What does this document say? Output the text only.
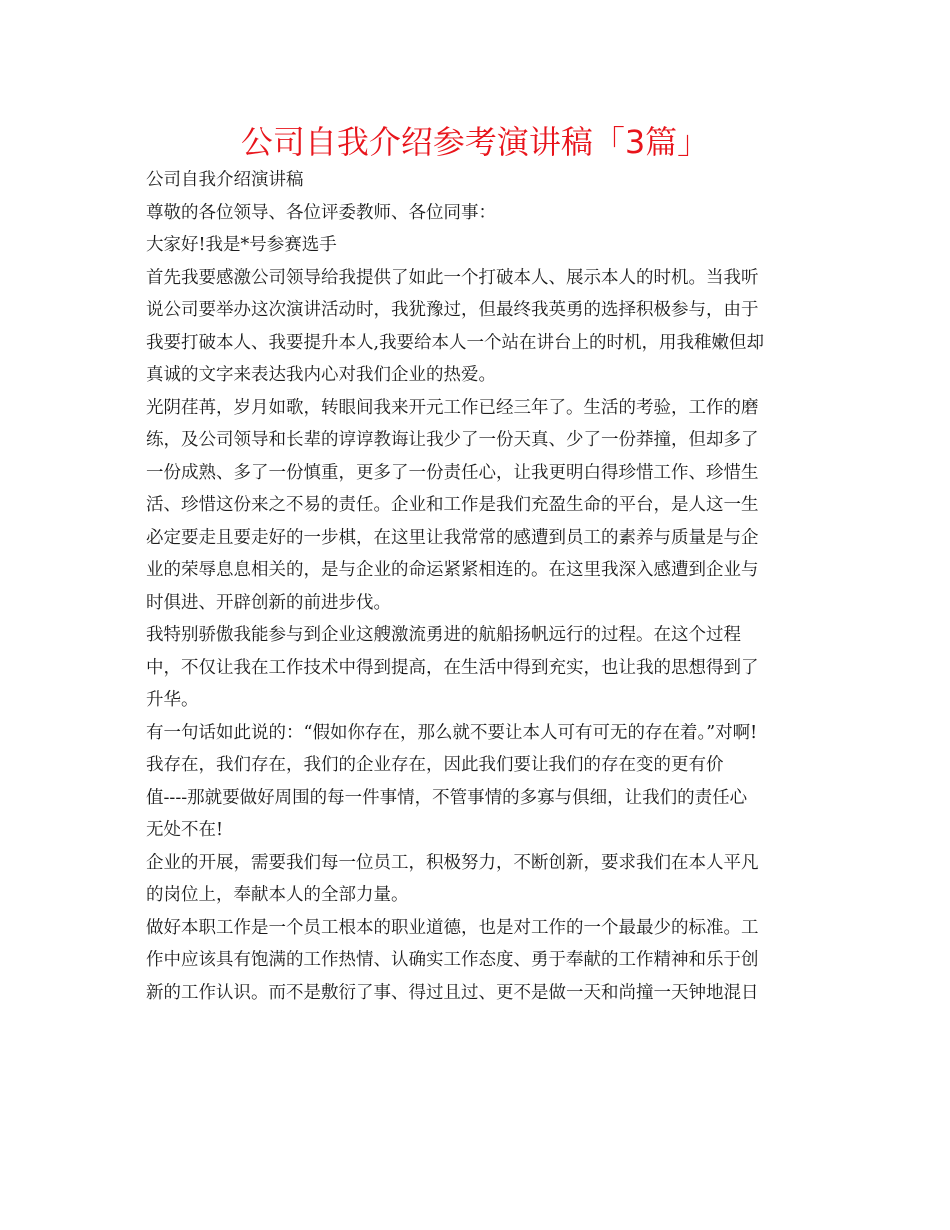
公司自我介绍参考演讲稿「3篇」
公司自我介绍演讲稿
尊敬的各位领导、各位评委教师、各位同事：
大家好!我是*号参赛选手
首先我要感激公司领导给我提供了如此一个打破本人、展示本人的时机。当我听
说公司要举办这次演讲活动时，我犹豫过，但最终我英勇的选择积极参与，由于
我要打破本人、我要提升本人,我要给本人一个站在讲台上的时机，用我稚嫩但却
真诚的文字来表达我内心对我们企业的热爱。
光阴荏苒，岁月如歌，转眼间我来开元工作已经三年了。生活的考验，工作的磨
练，及公司领导和长辈的谆谆教诲让我少了一份天真、少了一份莽撞，但却多了
一份成熟、多了一份慎重，更多了一份责任心，让我更明白得珍惜工作、珍惜生
活、珍惜这份来之不易的责任。企业和工作是我们充盈生命的平台，是人这一生
必定要走且要走好的一步棋，在这里让我常常的感遭到员工的素养与质量是与企
业的荣辱息息相关的，是与企业的命运紧紧相连的。在这里我深入感遭到企业与
时俱进、开辟创新的前进步伐。
我特别骄傲我能参与到企业这艘激流勇进的航船扬帆远行的过程。在这个过程
中，不仅让我在工作技术中得到提高，在生活中得到充实，也让我的思想得到了
升华。
有一句话如此说的：“假如你存在，那么就不要让本人可有可无的存在着。”对啊!
我存在，我们存在，我们的企业存在，因此我们要让我们的存在变的更有价
值----那就要做好周围的每一件事情，不管事情的多寡与俱细，让我们的责任心
无处不在!
企业的开展，需要我们每一位员工，积极努力，不断创新，要求我们在本人平凡
的岗位上，奉献本人的全部力量。
做好本职工作是一个员工根本的职业道德，也是对工作的一个最最少的标准。工
作中应该具有饱满的工作热情、认确实工作态度、勇于奉献的工作精神和乐于创
新的工作认识。而不是敷衍了事、得过且过、更不是做一天和尚撞一天钟地混日
